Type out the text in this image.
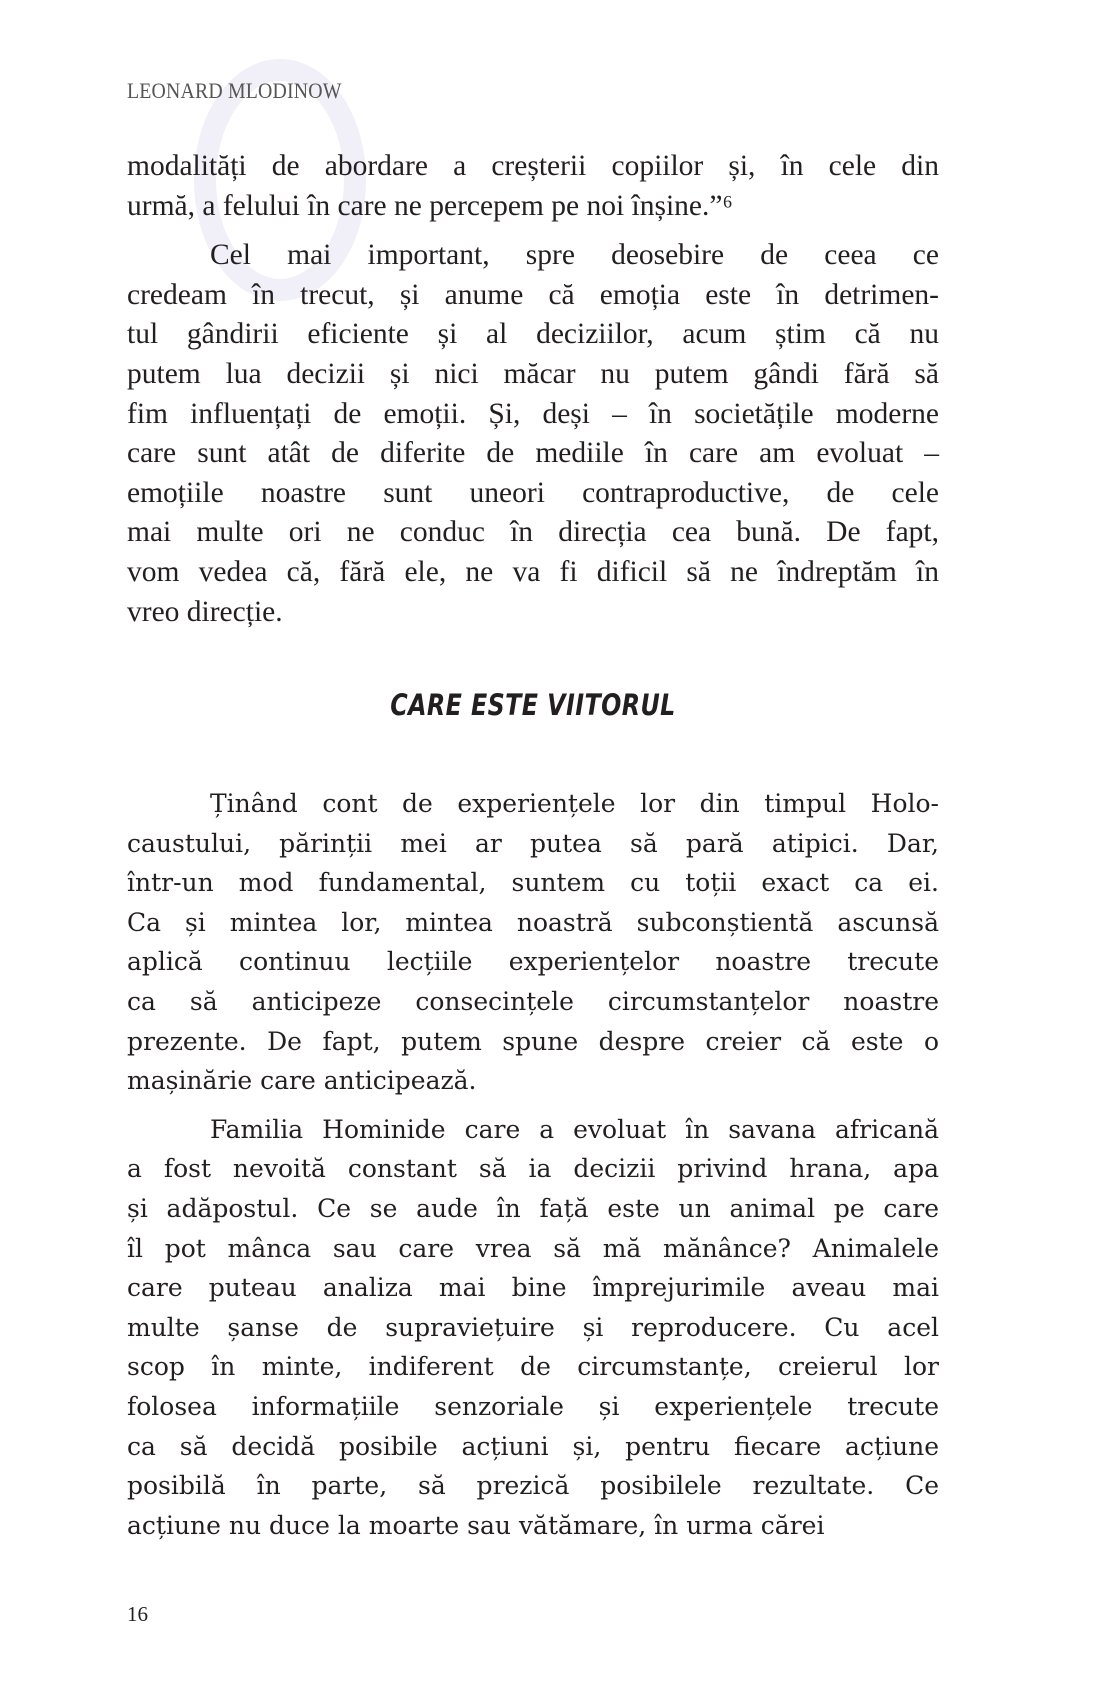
LEONARD MLODINOW
modalități de abordare a creșterii copiilor și, în cele din
urmă, a felului în care ne percepem pe noi înșine.”⁶
Cel mai important, spre deosebire de ceea ce
credeam în trecut, și anume că emoția este în detrimen-
tul gândirii eficiente și al deciziilor, acum știm că nu
putem lua decizii și nici măcar nu putem gândi fără să
fim influențați de emoții. Și, deși – în societățile moderne
care sunt atât de diferite de mediile în care am evoluat –
emoțiile noastre sunt uneori contraproductive, de cele
mai multe ori ne conduc în direcția cea bună. De fapt,
vom vedea că, fără ele, ne va fi dificil să ne îndreptăm în
vreo direcție.
CARE ESTE VIITORUL
Ținând cont de experiențele lor din timpul Holo-
caustului, părinții mei ar putea să pară atipici. Dar,
într-un mod fundamental, suntem cu toții exact ca ei.
Ca și mintea lor, mintea noastră subconștientă ascunsă
aplică continuu lecțiile experiențelor noastre trecute
ca să anticipeze consecințele circumstanțelor noastre
prezente. De fapt, putem spune despre creier că este o
mașinărie care anticipează.
Familia Hominide care a evoluat în savana africană
a fost nevoită constant să ia decizii privind hrana, apa
și adăpostul. Ce se aude în față este un animal pe care
îl pot mânca sau care vrea să mă mănânce? Animalele
care puteau analiza mai bine împrejurimile aveau mai
multe șanse de supraviețuire și reproducere. Cu acel
scop în minte, indiferent de circumstanțe, creierul lor
folosea informațiile senzoriale și experiențele trecute
ca să decidă posibile acțiuni și, pentru fiecare acțiune
posibilă în parte, să prezică posibilele rezultate. Ce
acțiune nu duce la moarte sau vătămare, în urma cărei
16
